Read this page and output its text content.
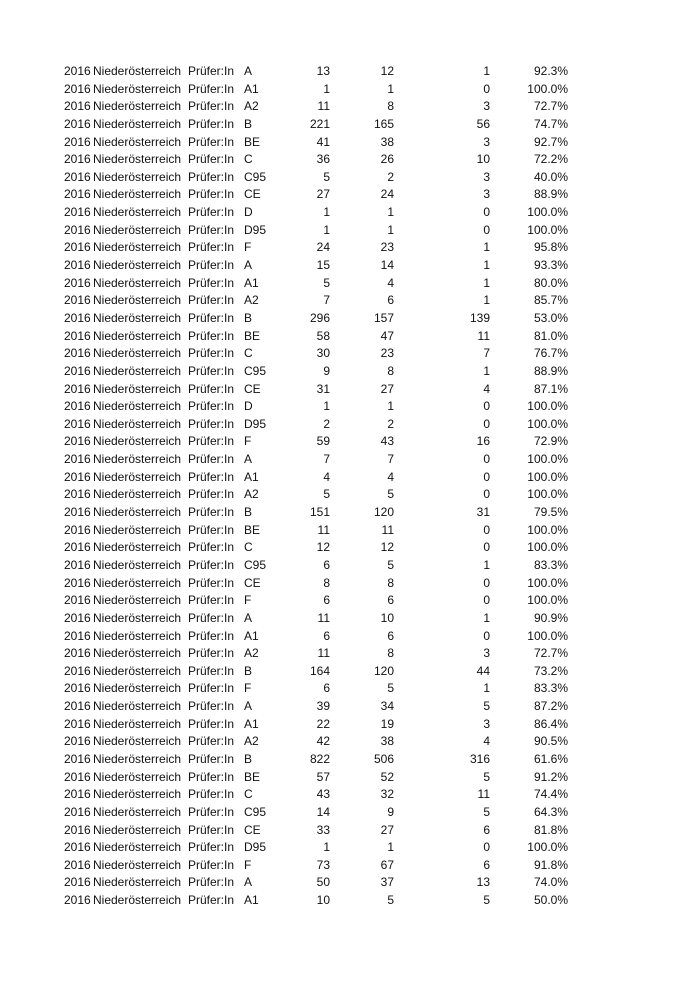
2016 Niederösterreich Prüfer:In A	13	12	1	92.3%
2016 Niederösterreich Prüfer:In A1	1	1	0	100.0%
2016 Niederösterreich Prüfer:In A2	11	8	3	72.7%
2016 Niederösterreich Prüfer:In B	221	165	56	74.7%
2016 Niederösterreich Prüfer:In BE	41	38	3	92.7%
2016 Niederösterreich Prüfer:In C	36	26	10	72.2%
2016 Niederösterreich Prüfer:In C95	5	2	3	40.0%
2016 Niederösterreich Prüfer:In CE	27	24	3	88.9%
2016 Niederösterreich Prüfer:In D	1	1	0	100.0%
2016 Niederösterreich Prüfer:In D95	1	1	0	100.0%
2016 Niederösterreich Prüfer:In F	24	23	1	95.8%
2016 Niederösterreich Prüfer:In A	15	14	1	93.3%
2016 Niederösterreich Prüfer:In A1	5	4	1	80.0%
2016 Niederösterreich Prüfer:In A2	7	6	1	85.7%
2016 Niederösterreich Prüfer:In B	296	157	139	53.0%
2016 Niederösterreich Prüfer:In BE	58	47	11	81.0%
2016 Niederösterreich Prüfer:In C	30	23	7	76.7%
2016 Niederösterreich Prüfer:In C95	9	8	1	88.9%
2016 Niederösterreich Prüfer:In CE	31	27	4	87.1%
2016 Niederösterreich Prüfer:In D	1	1	0	100.0%
2016 Niederösterreich Prüfer:In D95	2	2	0	100.0%
2016 Niederösterreich Prüfer:In F	59	43	16	72.9%
2016 Niederösterreich Prüfer:In A	7	7	0	100.0%
2016 Niederösterreich Prüfer:In A1	4	4	0	100.0%
2016 Niederösterreich Prüfer:In A2	5	5	0	100.0%
2016 Niederösterreich Prüfer:In B	151	120	31	79.5%
2016 Niederösterreich Prüfer:In BE	11	11	0	100.0%
2016 Niederösterreich Prüfer:In C	12	12	0	100.0%
2016 Niederösterreich Prüfer:In C95	6	5	1	83.3%
2016 Niederösterreich Prüfer:In CE	8	8	0	100.0%
2016 Niederösterreich Prüfer:In F	6	6	0	100.0%
2016 Niederösterreich Prüfer:In A	11	10	1	90.9%
2016 Niederösterreich Prüfer:In A1	6	6	0	100.0%
2016 Niederösterreich Prüfer:In A2	11	8	3	72.7%
2016 Niederösterreich Prüfer:In B	164	120	44	73.2%
2016 Niederösterreich Prüfer:In F	6	5	1	83.3%
2016 Niederösterreich Prüfer:In A	39	34	5	87.2%
2016 Niederösterreich Prüfer:In A1	22	19	3	86.4%
2016 Niederösterreich Prüfer:In A2	42	38	4	90.5%
2016 Niederösterreich Prüfer:In B	822	506	316	61.6%
2016 Niederösterreich Prüfer:In BE	57	52	5	91.2%
2016 Niederösterreich Prüfer:In C	43	32	11	74.4%
2016 Niederösterreich Prüfer:In C95	14	9	5	64.3%
2016 Niederösterreich Prüfer:In CE	33	27	6	81.8%
2016 Niederösterreich Prüfer:In D95	1	1	0	100.0%
2016 Niederösterreich Prüfer:In F	73	67	6	91.8%
2016 Niederösterreich Prüfer:In A	50	37	13	74.0%
2016 Niederösterreich Prüfer:In A1	10	5	5	50.0%
